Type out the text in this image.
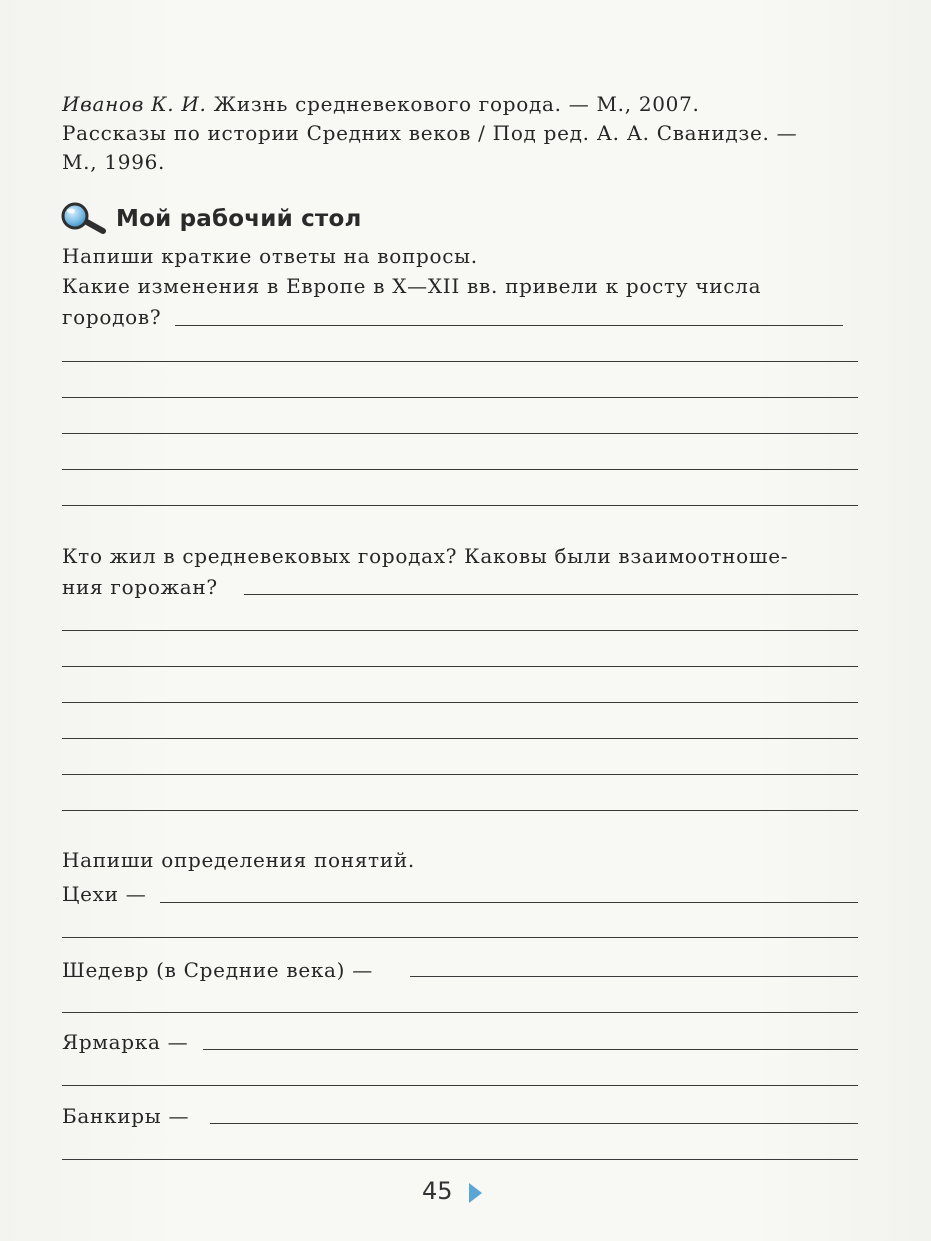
Иванов К. И. Жизнь средневекового города. — М., 2007.
Рассказы по истории Средних веков / Под ред. А. А. Сванидзе. —
М., 1996.
Мой рабочий стол
Напиши краткие ответы на вопросы.
Какие изменения в Европе в X—XII вв. привели к росту числа
городов?
Кто жил в средневековых городах? Каковы были взаимоотноше-
ния горожан?
Напиши определения понятий.
Цехи —
Шедевр (в Средние века) —
Ярмарка —
Банкиры —
45
